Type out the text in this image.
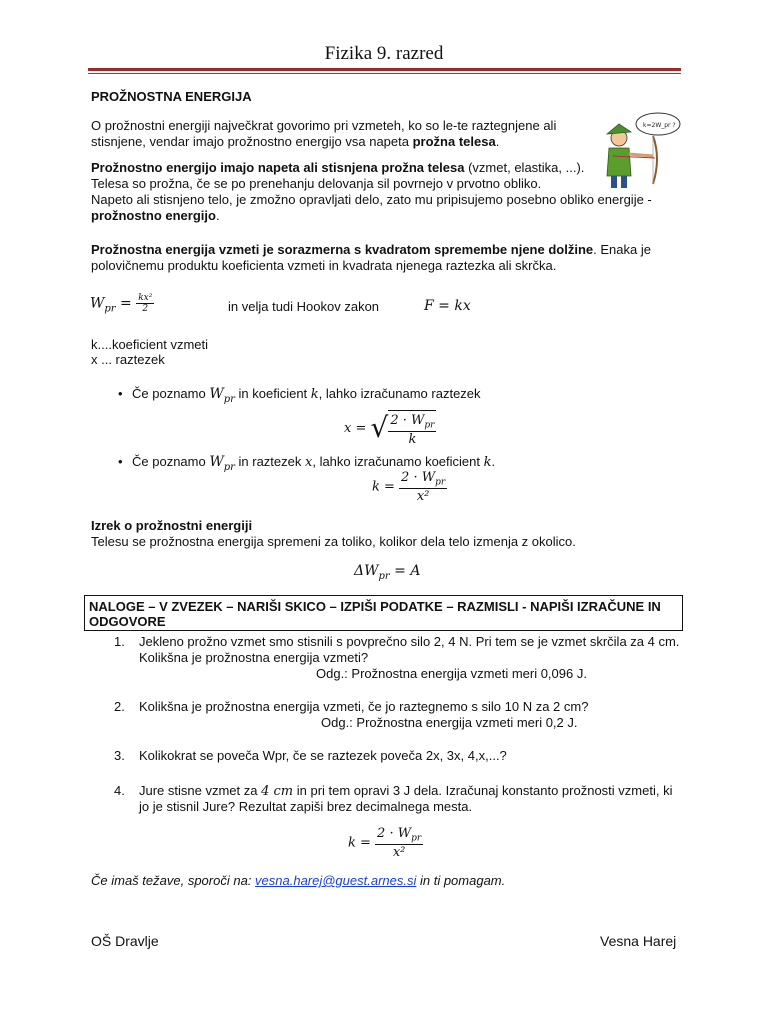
Fizika 9. razred
PROŽNOSTNA ENERGIJA
O prožnostni energiji največkrat govorimo pri vzmeteh, ko so le-te raztegnjene ali
stisnjene, vendar imajo prožnostno energijo vsa napeta prožna telesa.
k=2W_pr ?
Prožnostno energijo imajo napeta ali stisnjena prožna telesa (vzmet, elastika, ...).
Telesa so prožna, če se po prenehanju delovanja sil povrnejo v prvotno obliko.
Napeto ali stisnjeno telo, je zmožno opravljati delo, zato mu pripisujemo posebno obliko energije -
prožnostno energijo.
Prožnostna energija vzmeti je sorazmerna s kvadratom spremembe njene dolžine. Enaka je
polovičnemu produktu koeficienta vzmeti in kvadrata njenega raztezka ali skrčka.
$W_{pr} = \frac{\text{kx²}}{2}$	in velja tudi Hookov zakon	F = kx
k....koeficient vzmeti
x ... raztezek
• Če poznamo $W_{pr}$ in koeficient k, lahko izračunamo raztezek
x = √ $\frac{2 \cdot W_{pr}}{k}$
• Če poznamo $W_{pr}$ in raztezek x, lahko izračunamo koeficient k.
$k = \frac{2 \cdot W_{pr}}{\text{x²}}$
Izrek o prožnostni energiji
Telesu se prožnostna energija spremeni za toliko, kolikor dela telo izmenja z okolico.
$\Delta W_{pr} = A$
NALOGE – V ZVEZEK – NARIŠI SKICO – IZPIŠI PODATKE – RAZMISLI - NAPIŠI IZRAČUNE IN
ODGOVORE
1. Jekleno prožno vzmet smo stisnili s povprečno silo 2, 4 N. Pri tem se je vzmet skrčila za 4 cm.
Kolikšna je prožnostna energija vzmeti?
Odg.: Prožnostna energija vzmeti meri 0,096 J.
2. Kolikšna je prožnostna energija vzmeti, če jo raztegnemo s silo 10 N za 2 cm?
Odg.: Prožnostna energija vzmeti meri 0,2 J.
3. Kolikokrat se poveča Wpr, če se raztezek poveča 2x, 3x, 4,x,...?
4. Jure stisne vzmet za 4 cm in pri tem opravi 3 J dela. Izračunaj konstanto prožnosti vzmeti, ki
jo je stisnil Jure? Rezultat zapiši brez decimalnega mesta.
$k = \frac{2 \cdot W_{pr}}{\text{x²}}$
Če imaš težave, sporoči na: vesna.harej@guest.arnes.si in ti pomagam.
OŠ Dravlje	Vesna Harej
